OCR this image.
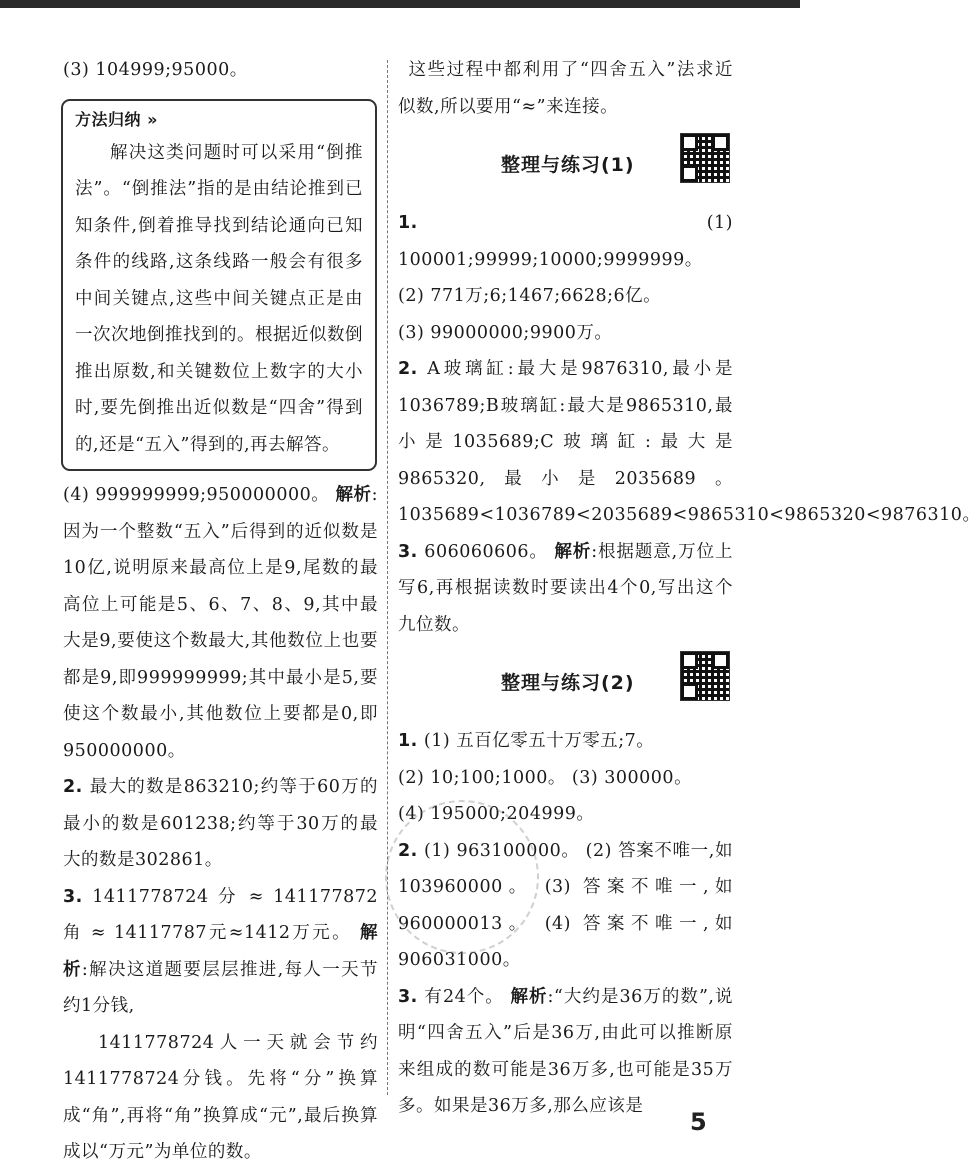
(3) 104999;95000。

方法归纳 »

解决这类问题时可以采用“倒推法”。“倒推法”指的是由结论推到已知条件,倒着推导找到结论通向已知条件的线路,这条线路一般会有很多中间关键点,这些中间关键点正是由一次次地倒推找到的。根据近似数倒推出原数,和关键数位上数字的大小时,要先倒推出近似数是“四舍”得到的,还是“五入”得到的,再去解答。

(4) 999999999;950000000。 解析:因为一个整数“五入”后得到的近似数是10亿,说明原来最高位上是9,尾数的最高位上可能是5、6、7、8、9,其中最大是9,要使这个数最大,其他数位上也要都是9,即999999999;其中最小是5,要使这个数最小,其他数位上要都是0,即950000000。

2. 最大的数是863210;约等于60万的最小的数是601238;约等于30万的最大的数是302861。

3. 1411778724 分 ≈ 141177872 角 ≈ 14117787元≈1412万元。 解析:解决这道题要层层推进,每人一天节约1分钱,

1411778724人一天就会节约1411778724分钱。先将“分”换算成“角”,再将“角”换算成“元”,最后换算成以“万元”为单位的数。

这些过程中都利用了“四舍五入”法求近似数,所以要用“≈”来连接。

整理与练习(1)

1. (1) 100001;99999;10000;9999999。

(2) 771万;6;1467;6628;6亿。

(3) 99000000;9900万。

2. A玻璃缸:最大是9876310,最小是1036789;B玻璃缸:最大是9865310,最小是1035689;C玻璃缸:最大是9865320,最小是2035689。1035689<1036789<2035689<9865310<9865320<9876310。

3. 606060606。 解析:根据题意,万位上写6,再根据读数时要读出4个0,写出这个九位数。

整理与练习(2)

1. (1) 五百亿零五十万零五;7。

(2) 10;100;1000。 (3) 300000。

(4) 195000;204999。

2. (1) 963100000。 (2) 答案不唯一,如103960000。 (3) 答案不唯一,如960000013。 (4) 答案不唯一,如906031000。

3. 有24个。 解析:“大约是36万的数”,说明“四舍五入”后是36万,由此可以推断原来组成的数可能是36万多,也可能是35万多。如果是36万多,那么应该是

5
